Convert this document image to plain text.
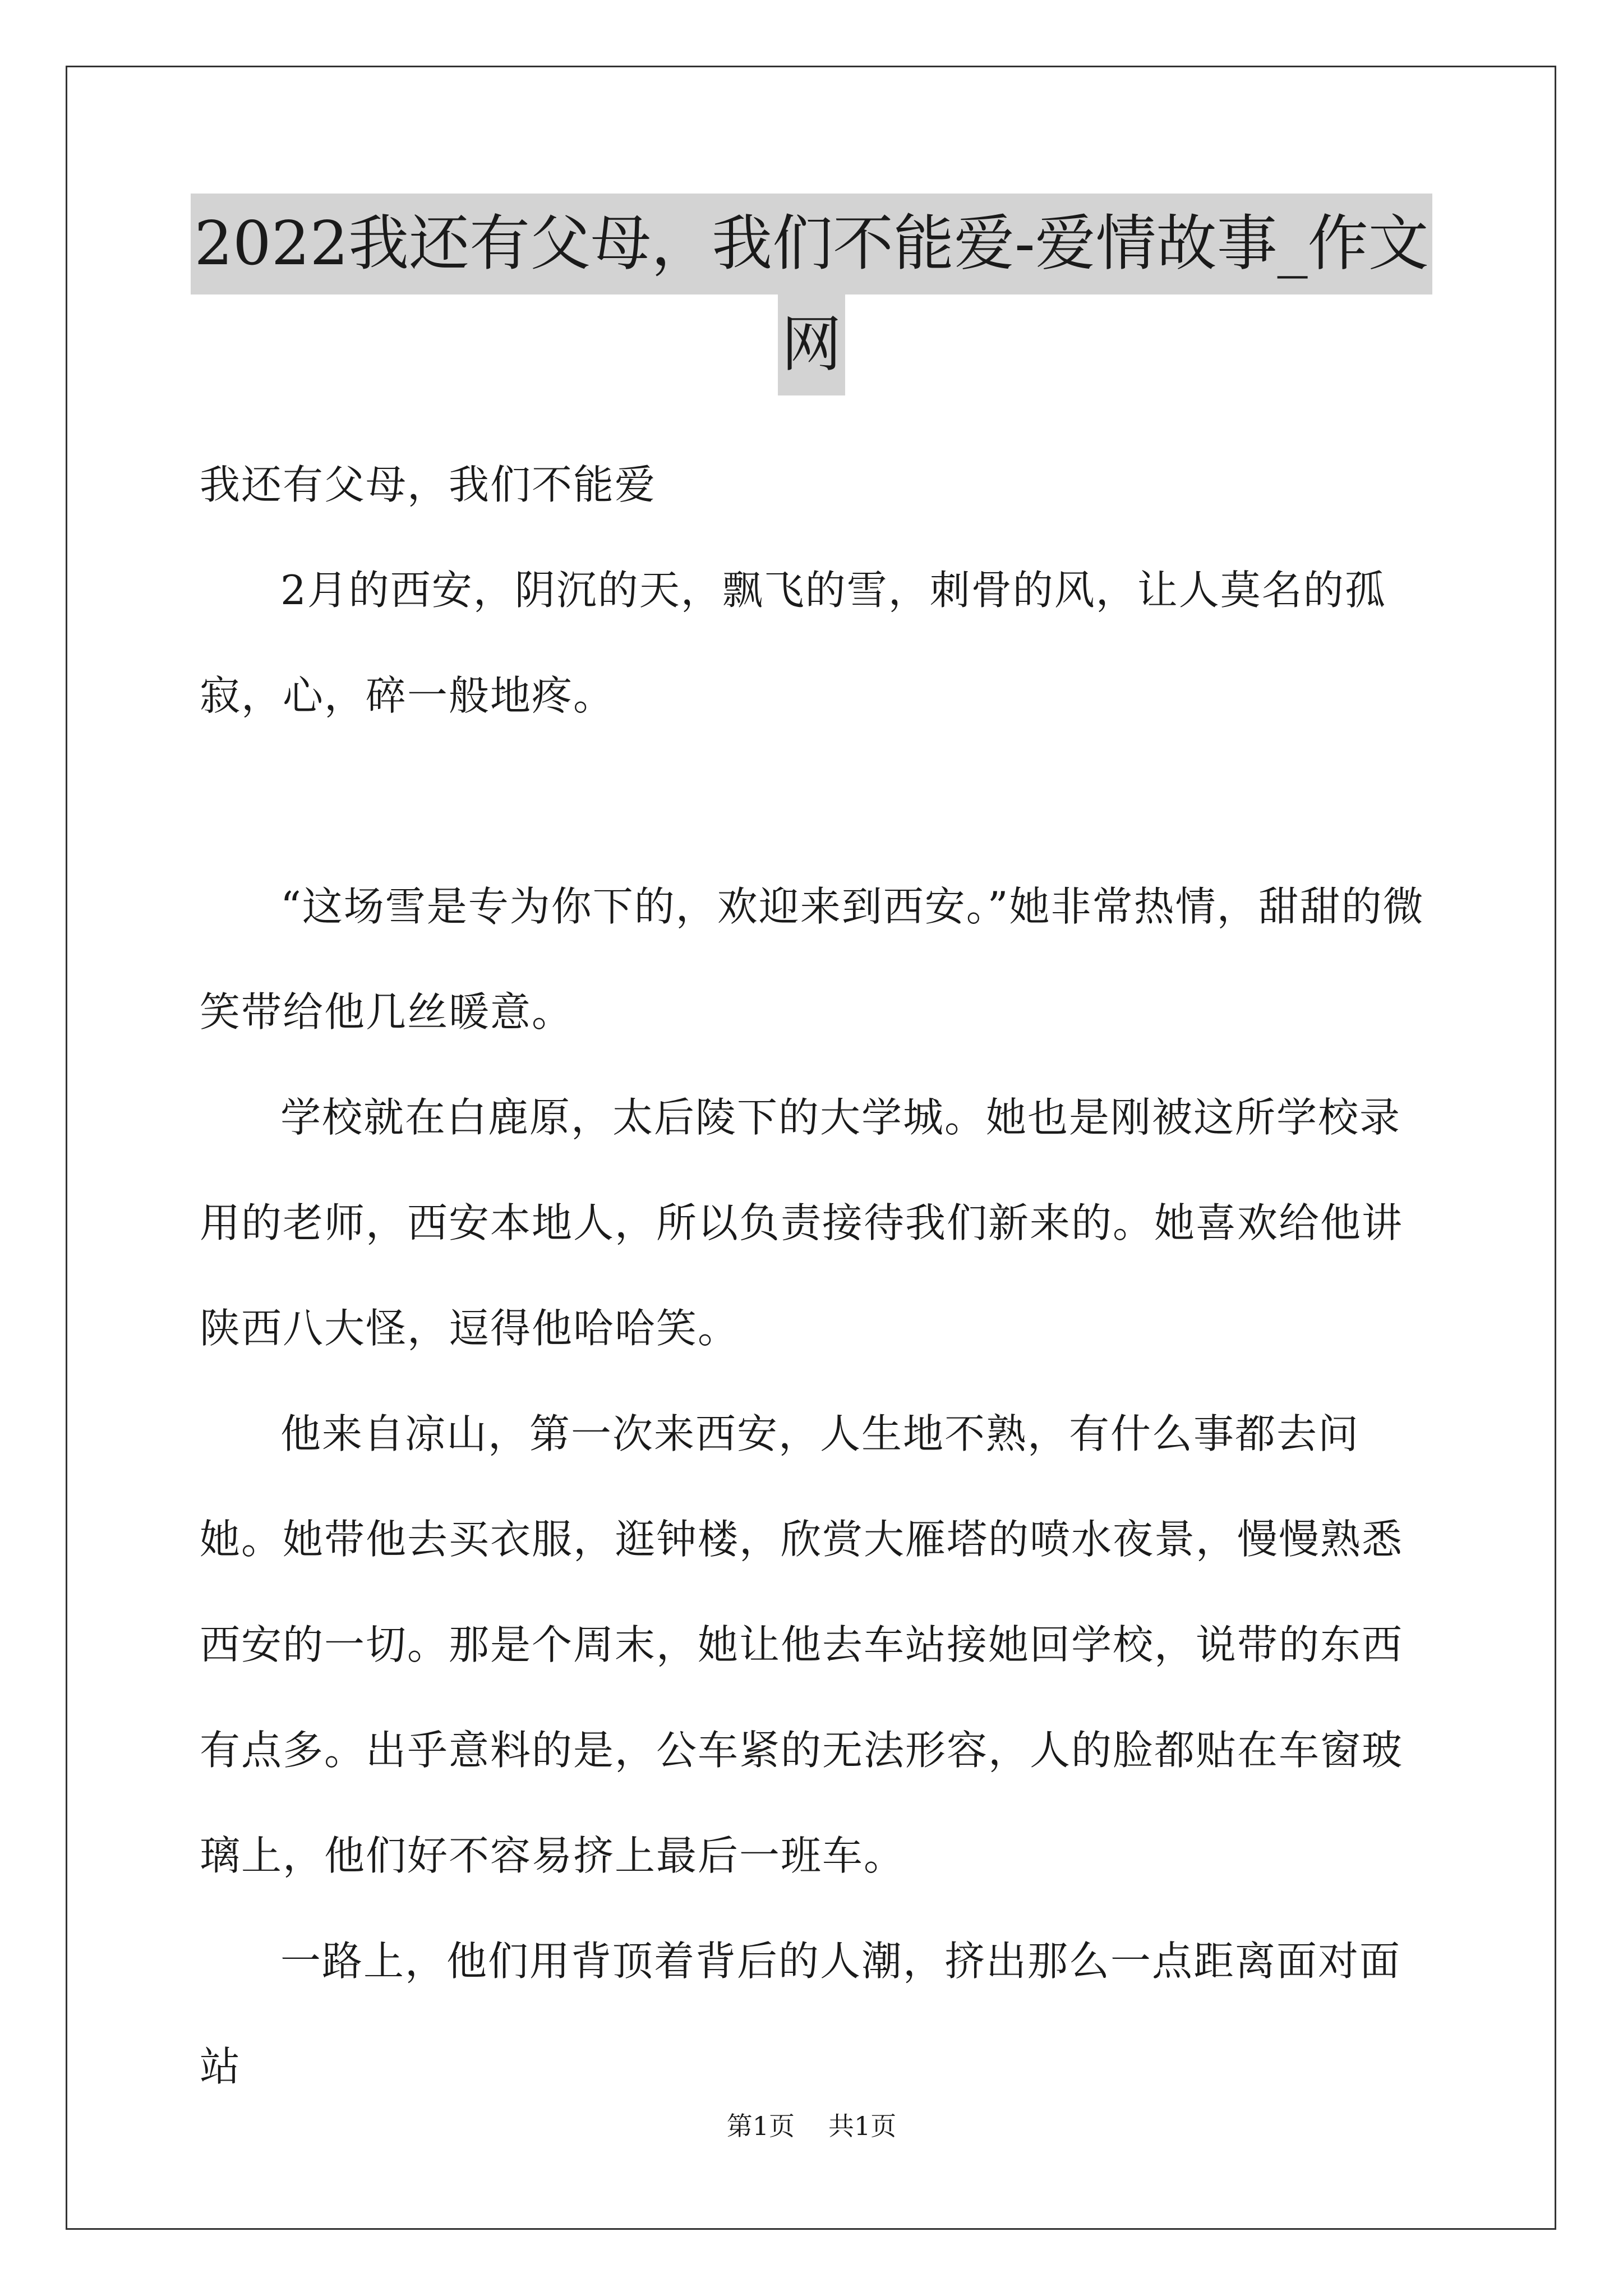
2022我还有父母，我们不能爱-爱情故事_作文
网

我还有父母，我们不能爱

2月的西安，阴沉的天，飘飞的雪，刺骨的风，让人莫名的孤寂，心，碎一般地疼。

“这场雪是专为你下的，欢迎来到西安。”她非常热情，甜甜的微笑带给他几丝暖意。

学校就在白鹿原，太后陵下的大学城。她也是刚被这所学校录用的老师，西安本地人，所以负责接待我们新来的。她喜欢给他讲陕西八大怪，逗得他哈哈笑。

他来自凉山，第一次来西安，人生地不熟，有什么事都去问她。她带他去买衣服，逛钟楼，欣赏大雁塔的喷水夜景，慢慢熟悉西安的一切。那是个周末，她让他去车站接她回学校，说带的东西有点多。出乎意料的是，公车紧的无法形容，人的脸都贴在车窗玻璃上，他们好不容易挤上最后一班车。

一路上，他们用背顶着背后的人潮，挤出那么一点距离面对面站

第1页 共1页
